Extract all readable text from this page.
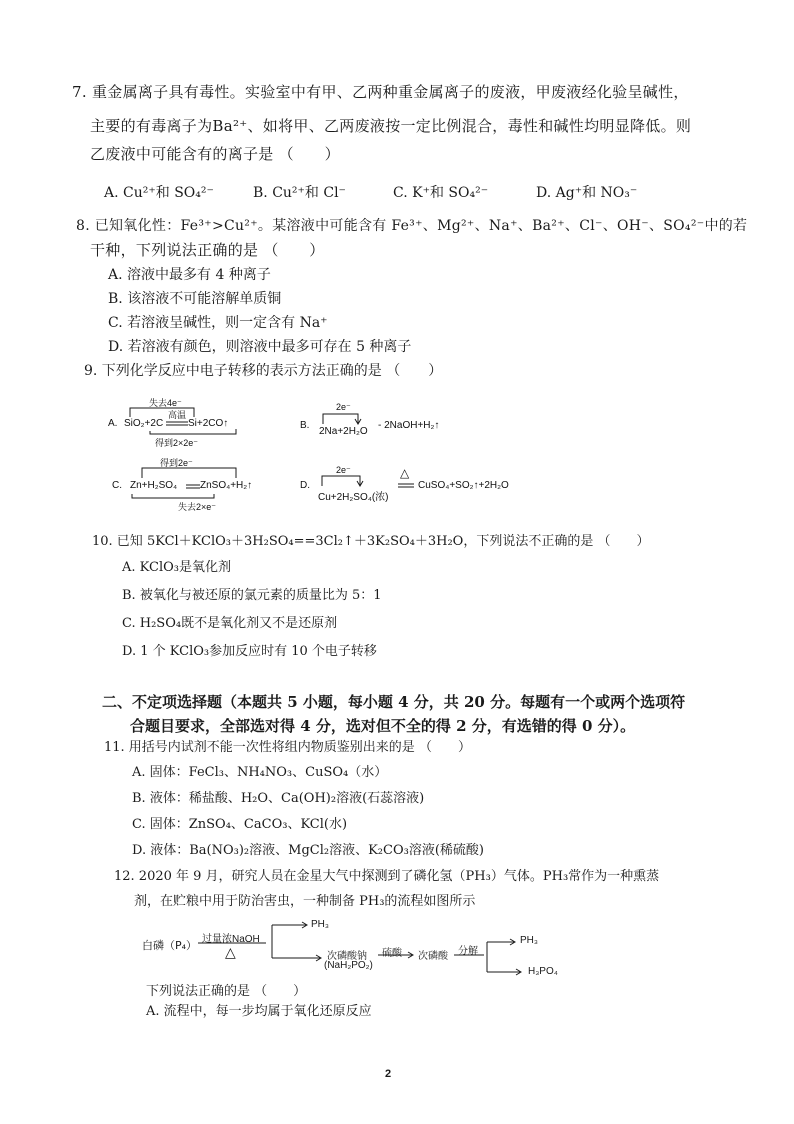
7. 重金属离子具有毒性。实验室中有甲、乙两种重金属离子的废液，甲废液经化验呈碱性，
主要的有毒离子为Ba²⁺、如将甲、乙两废液按一定比例混合，毒性和碱性均明显降低。则
乙废液中可能含有的离子是 （　　）
A. Cu²⁺和 SO₄²⁻	B. Cu²⁺和 Cl⁻	C. K⁺和 SO₄²⁻	D. Ag⁺和 NO₃⁻
8. 已知氧化性：Fe³⁺>Cu²⁺。某溶液中可能含有 Fe³⁺、Mg²⁺、Na⁺、Ba²⁺、Cl⁻、OH⁻、SO₄²⁻中的若
干种，下列说法正确的是 （　　）
A. 溶液中最多有 4 种离子
B. 该溶液不可能溶解单质铜
C. 若溶液呈碱性，则一定含有 Na⁺
D. 若溶液有颜色，则溶液中最多可存在 5 种离子
9. 下列化学反应中电子转移的表示方法正确的是 （　　）
A. SiO₂+2C
高温
Si+2CO↑
失去4e⁻
得到2×2e⁻
B.
2e⁻
2Na+2H₂O
- 2NaOH+H₂↑
C.
得到2e⁻
Zn+H₂SO₄ ZnSO₄+H₂↑
失去2×e⁻
D.
2e⁻
Cu+2H₂SO₄(浓)
△
CuSO₄+SO₂↑+2H₂O
10. 已知 5KCl＋KClO₃＋3H₂SO₄==3Cl₂↑＋3K₂SO₄＋3H₂O，下列说法不正确的是 （　　）
A. KClO₃是氧化剂
B. 被氧化与被还原的氯元素的质量比为 5：1
C. H₂SO₄既不是氧化剂又不是还原剂
D. 1 个 KClO₃参加反应时有 10 个电子转移
二、不定项选择题（本题共 5 小题，每小题 4 分，共 20 分。每题有一个或两个选项符
合题目要求，全部选对得 4 分，选对但不全的得 2 分，有选错的得 0 分）。
11. 用括号内试剂不能一次性将组内物质鉴别出来的是 （　　）
A. 固体：FeCl₃、NH₄NO₃、CuSO₄（水）
B. 液体：稀盐酸、H₂O、Ca(OH)₂溶液(石蕊溶液)
C. 固体：ZnSO₄、CaCO₃、KCl(水)
D. 液体：Ba(NO₃)₂溶液、MgCl₂溶液、K₂CO₃溶液(稀硫酸)
12. 2020 年 9 月，研究人员在金星大气中探测到了磷化氢（PH₃）气体。PH₃常作为一种熏蒸
剂，在贮粮中用于防治害虫，一种制备 PH₃的流程如图所示
白磷（P₄） 过量浓NaOH
△
PH₃
次磷酸钠
(NaH₂PO₂)
硫酸 次磷酸 分解
PH₃
H₃PO₄
下列说法正确的是 （　　）
A. 流程中，每一步均属于氧化还原反应
2
